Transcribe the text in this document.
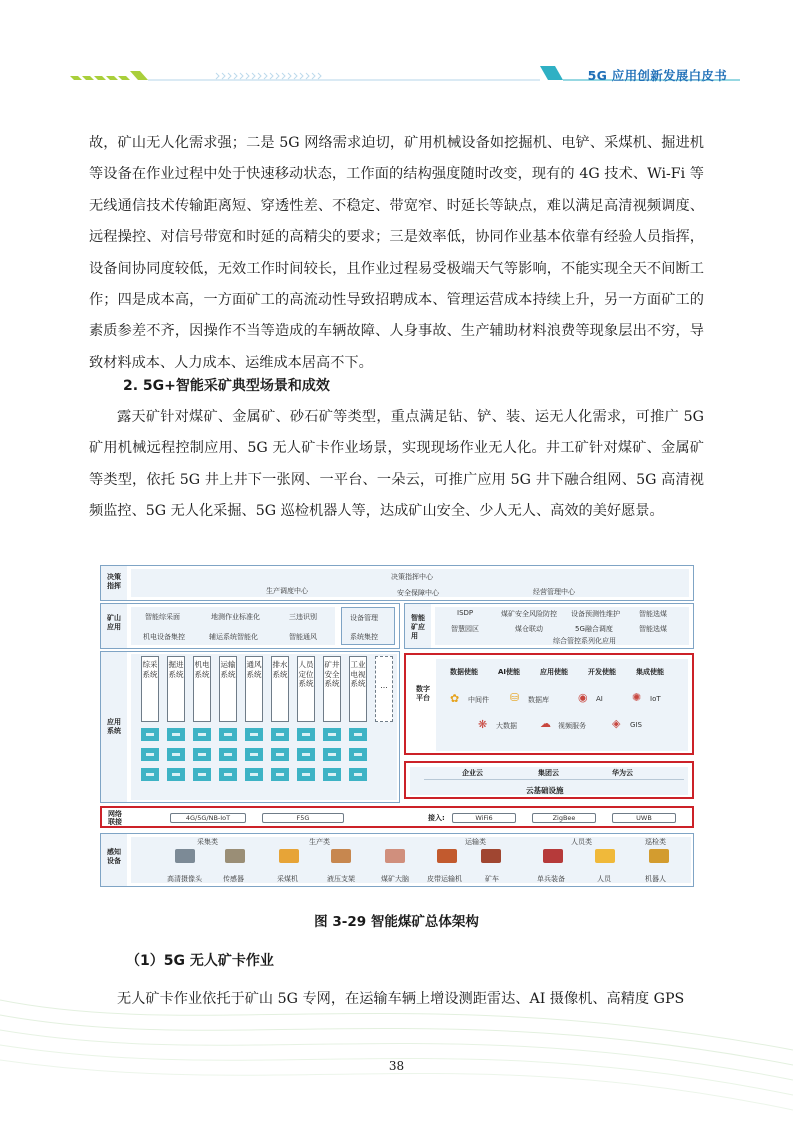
5G 应用创新发展白皮书

故，矿山无人化需求强；二是 5G 网络需求迫切，矿用机械设备如挖掘机、电铲、采煤机、掘进机等设备在作业过程中处于快速移动状态，工作面的结构强度随时改变，现有的 4G 技术、Wi-Fi 等无线通信技术传输距离短、穿透性差、不稳定、带宽窄、时延长等缺点，难以满足高清视频调度、远程操控、对信号带宽和时延的高精尖的要求；三是效率低，协同作业基本依靠有经验人员指挥，设备间协同度较低，无效工作时间较长，且作业过程易受极端天气等影响，不能实现全天不间断工作；四是成本高，一方面矿工的高流动性导致招聘成本、管理运营成本持续上升，另一方面矿工的素质参差不齐，因操作不当等造成的车辆故障、人身事故、生产辅助材料浪费等现象层出不穷，导致材料成本、人力成本、运维成本居高不下。

2. 5G+智能采矿典型场景和成效

露天矿针对煤矿、金属矿、砂石矿等类型，重点满足钻、铲、装、运无人化需求，可推广 5G 矿用机械远程控制应用、5G 无人矿卡作业场景，实现现场作业无人化。井工矿针对煤矿、金属矿等类型，依托 5G 井上井下一张网、一平台、一朵云，可推广应用 5G 井下融合组网、5G 高清视频监控、5G 无人化采掘、5G 巡检机器人等，达成矿山安全、少人无人、高效的美好愿景。

决策指挥
决策指挥中心
生产调度中心	安全保障中心	经营管理中心
矿山应用
智能综采面	地测作业标准化	三违识别
机电设备集控	辅运系统智能化	智能通风
设备管理
系统集控
智能矿应用
ISDP	煤矿安全风险防控 设备预测性维护	智能选煤
智慧园区	煤仓联动	5G融合调度	智能选煤
综合管控系列化应用
应用系统
综采系统
掘进系统
机电系统
运输系统
通风系统
排水系统
人员定位系统
矿井安全系统
工业电视系统	…	数字平台
数据使能	AI使能	应用使能	开发使能	集成使能
✿ 中间件 ⛁ 数据库	◉ AI	✺ IoT
❋ 大数据 ☁ 视频服务 ◈ GIS
企业云	集团云	华为云
云基础设施
网络联接	4G/5G/NB-IoT	F5G	接入:	WiFi6	ZigBee	UWB
感知设备
采集类	生产类	运输类	人员类	巡检类
高清摄像头	传感器	采煤机	液压支架	煤矿大脑	皮带运输机	矿车	单兵装备	人员	机器人
图 3-29 智能煤矿总体架构

（1）5G 无人矿卡作业

无人矿卡作业依托于矿山 5G 专网，在运输车辆上增设测距雷达、AI 摄像机、高精度 GPS

38
